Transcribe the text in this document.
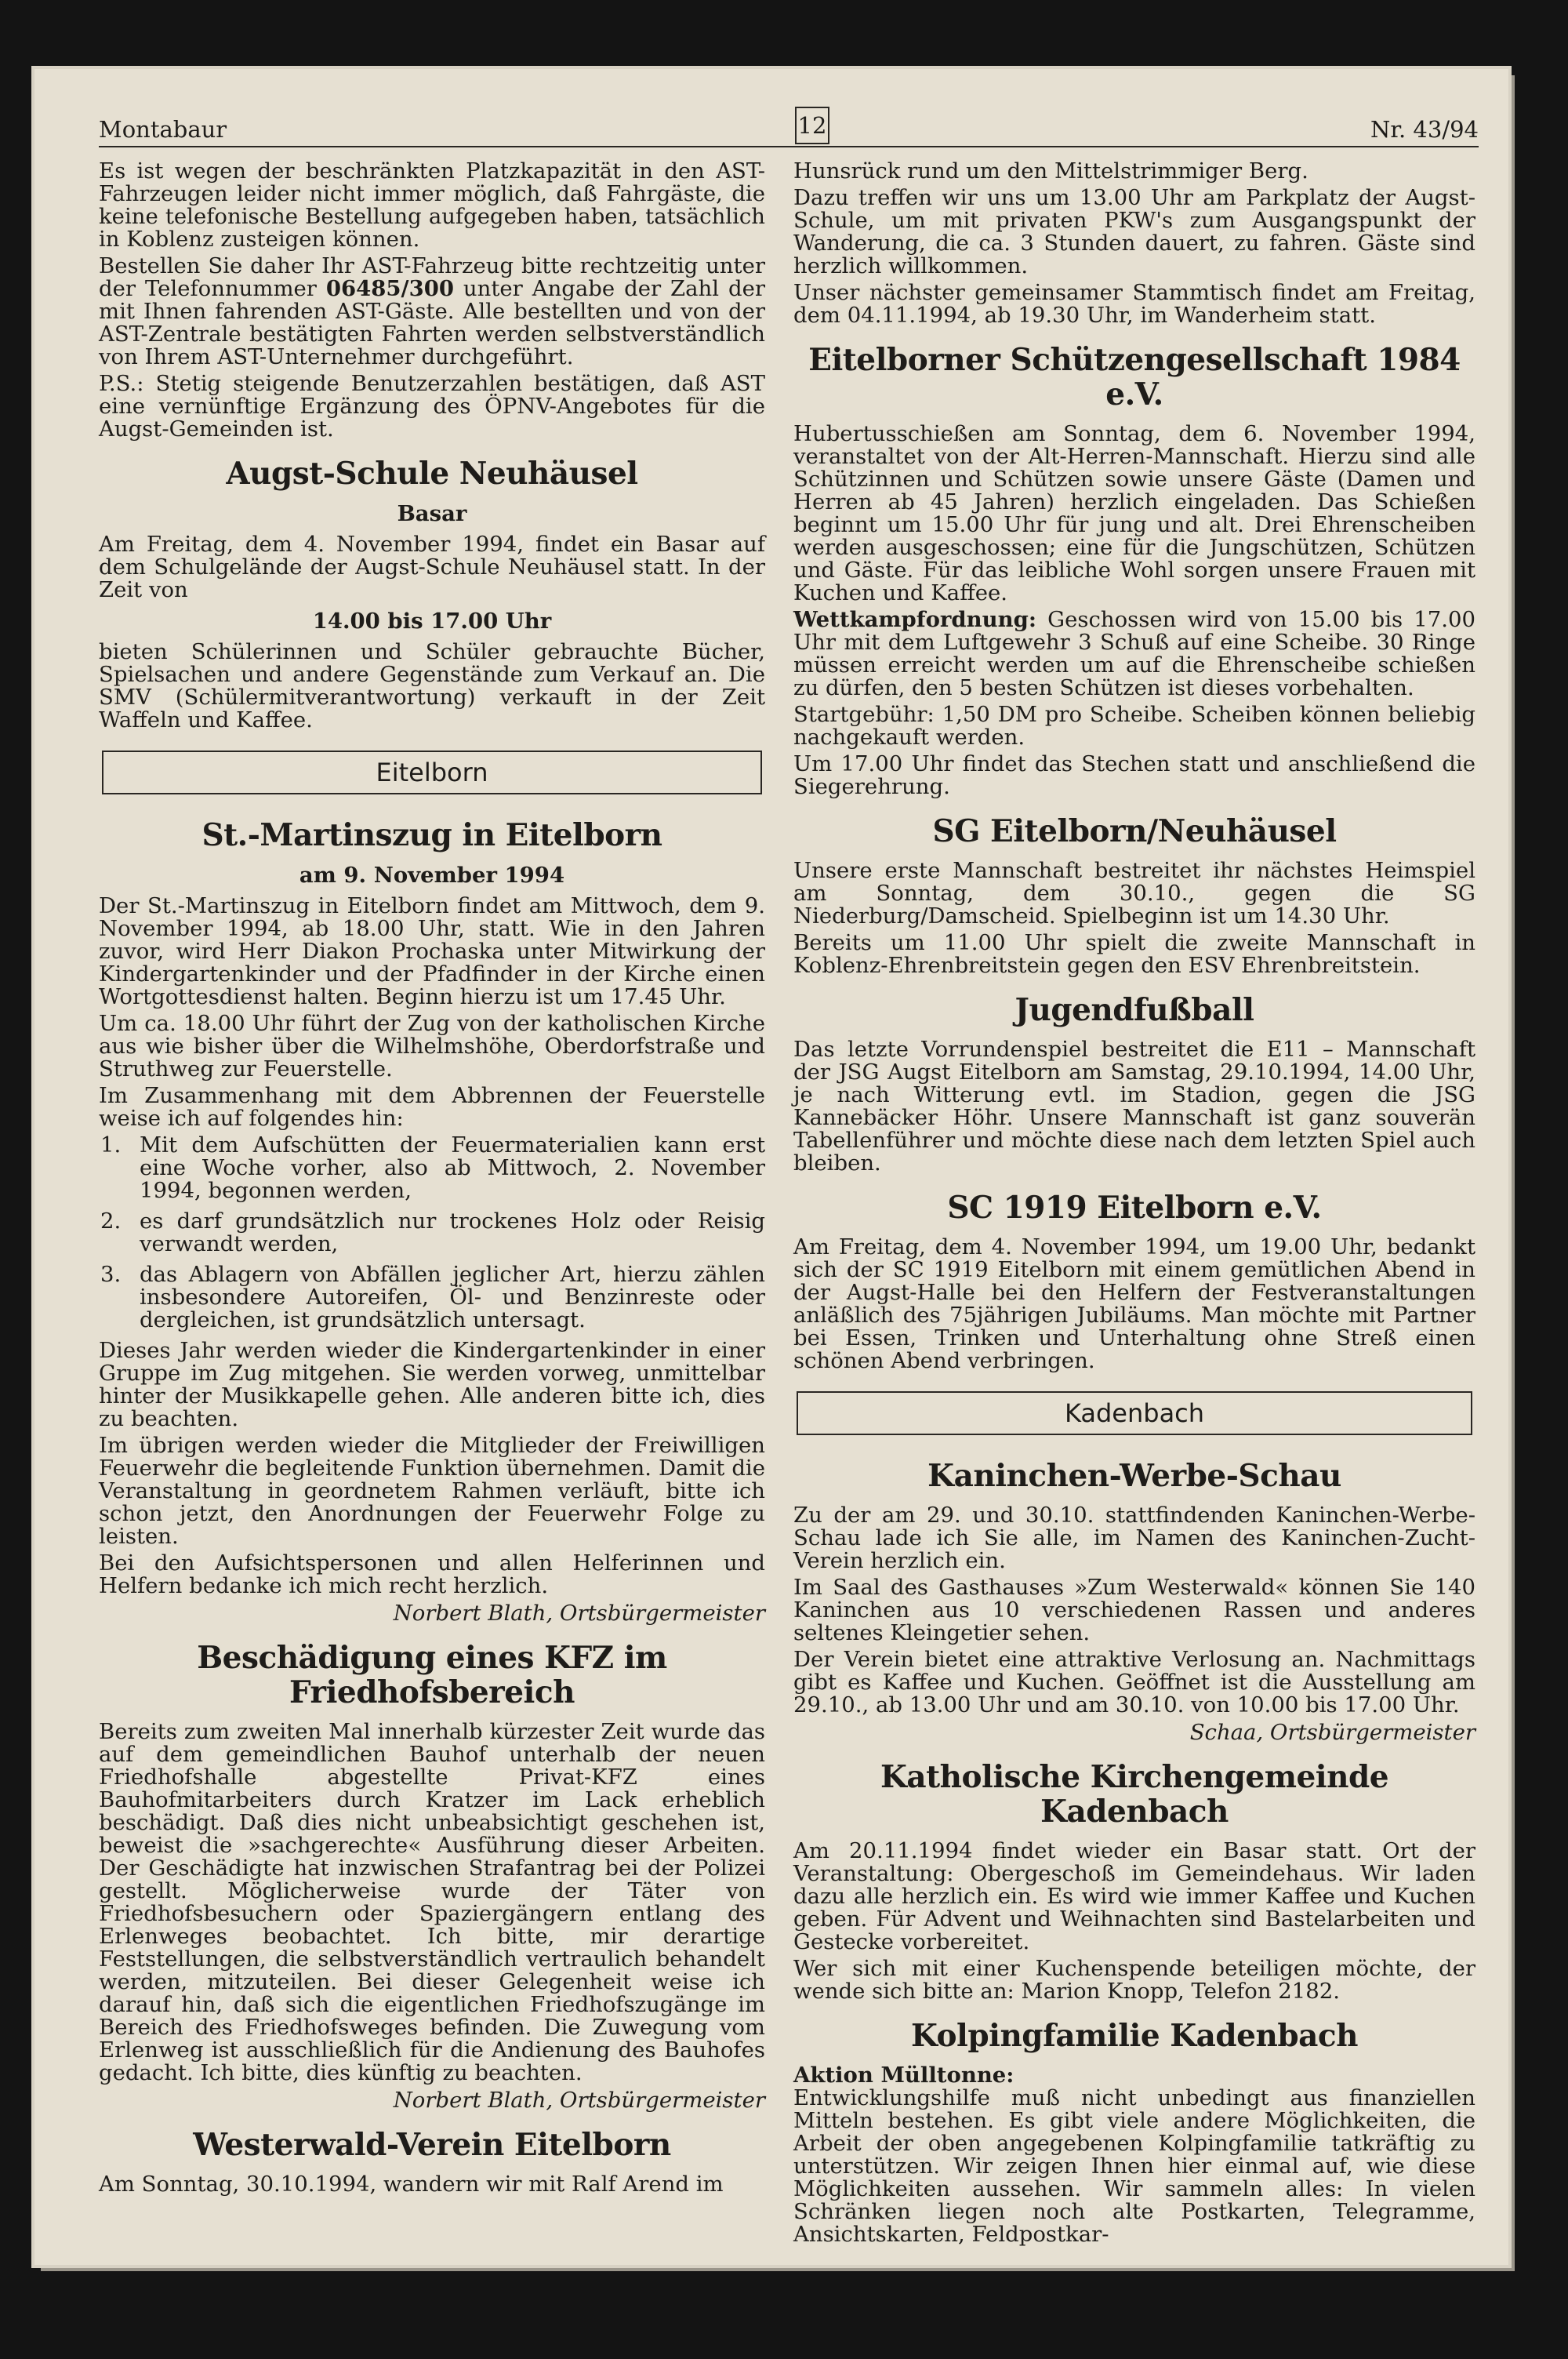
Montabaur	12	Nr. 43/94

Es ist wegen der beschränkten Platzkapazität in den AST-Fahrzeugen leider nicht immer möglich, daß Fahrgäste, die keine telefonische Bestellung aufgegeben haben, tatsächlich in Koblenz zusteigen können.

Bestellen Sie daher Ihr AST-Fahrzeug bitte rechtzeitig unter der Telefonnummer 06485/300 unter Angabe der Zahl der mit Ihnen fahrenden AST-Gäste. Alle bestellten und von der AST-Zentrale bestätigten Fahrten werden selbstverständlich von Ihrem AST-Unternehmer durchgeführt.

P.S.: Stetig steigende Benutzerzahlen bestätigen, daß AST eine vernünftige Ergänzung des ÖPNV-Angebotes für die Augst-Gemeinden ist.

Augst-Schule Neuhäusel
Basar

Am Freitag, dem 4. November 1994, findet ein Basar auf dem Schulgelände der Augst-Schule Neuhäusel statt. In der Zeit von

14.00 bis 17.00 Uhr

bieten Schülerinnen und Schüler gebrauchte Bücher, Spielsachen und andere Gegenstände zum Verkauf an. Die SMV (Schülermitverantwortung) verkauft in der Zeit Waffeln und Kaffee.

Eitelborn
St.-Martinszug in Eitelborn
am 9. November 1994

Der St.-Martinszug in Eitelborn findet am Mittwoch, dem 9. November 1994, ab 18.00 Uhr, statt. Wie in den Jahren zuvor, wird Herr Diakon Prochaska unter Mitwirkung der Kindergartenkinder und der Pfadfinder in der Kirche einen Wortgottesdienst halten. Beginn hierzu ist um 17.45 Uhr.

Um ca. 18.00 Uhr führt der Zug von der katholischen Kirche aus wie bisher über die Wilhelmshöhe, Oberdorfstraße und Struthweg zur Feuerstelle.

Im Zusammenhang mit dem Abbrennen der Feuerstelle weise ich auf folgendes hin:

1. Mit dem Aufschütten der Feuermaterialien kann erst eine Woche vorher, also ab Mittwoch, 2. November 1994, begonnen werden,
2. es darf grundsätzlich nur trockenes Holz oder Reisig verwandt werden,
3. das Ablagern von Abfällen jeglicher Art, hierzu zählen insbesondere Autoreifen, Öl- und Benzinreste oder dergleichen, ist grundsätzlich untersagt.

Dieses Jahr werden wieder die Kindergartenkinder in einer Gruppe im Zug mitgehen. Sie werden vorweg, unmittelbar hinter der Musikkapelle gehen. Alle anderen bitte ich, dies zu beachten.

Im übrigen werden wieder die Mitglieder der Freiwilligen Feuerwehr die begleitende Funktion übernehmen. Damit die Veranstaltung in geordnetem Rahmen verläuft, bitte ich schon jetzt, den Anordnungen der Feuerwehr Folge zu leisten.

Bei den Aufsichtspersonen und allen Helferinnen und Helfern bedanke ich mich recht herzlich.

Norbert Blath, Ortsbürgermeister
Beschädigung eines KFZ im Friedhofsbereich

Bereits zum zweiten Mal innerhalb kürzester Zeit wurde das auf dem gemeindlichen Bauhof unterhalb der neuen Friedhofshalle abgestellte Privat-KFZ eines Bauhofmitarbeiters durch Kratzer im Lack erheblich beschädigt. Daß dies nicht unbeabsichtigt geschehen ist, beweist die »sachgerechte« Ausführung dieser Arbeiten. Der Geschädigte hat inzwischen Strafantrag bei der Polizei gestellt. Möglicherweise wurde der Täter von Friedhofsbesuchern oder Spaziergängern entlang des Erlenweges beobachtet. Ich bitte, mir derartige Feststellungen, die selbstverständlich vertraulich behandelt werden, mitzuteilen. Bei dieser Gelegenheit weise ich darauf hin, daß sich die eigentlichen Friedhofszugänge im Bereich des Friedhofsweges befinden. Die Zuwegung vom Erlenweg ist ausschließlich für die Andienung des Bauhofes gedacht. Ich bitte, dies künftig zu beachten.

Norbert Blath, Ortsbürgermeister
Westerwald-Verein Eitelborn

Am Sonntag, 30.10.1994, wandern wir mit Ralf Arend im

Hunsrück rund um den Mittelstrimmiger Berg.

Dazu treffen wir uns um 13.00 Uhr am Parkplatz der Augst-Schule, um mit privaten PKW's zum Ausgangspunkt der Wanderung, die ca. 3 Stunden dauert, zu fahren. Gäste sind herzlich willkommen.

Unser nächster gemeinsamer Stammtisch findet am Freitag, dem 04.11.1994, ab 19.30 Uhr, im Wanderheim statt.

Eitelborner Schützengesellschaft 1984 e.V.

Hubertusschießen am Sonntag, dem 6. November 1994, veranstaltet von der Alt-Herren-Mannschaft. Hierzu sind alle Schützinnen und Schützen sowie unsere Gäste (Damen und Herren ab 45 Jahren) herzlich eingeladen. Das Schießen beginnt um 15.00 Uhr für jung und alt. Drei Ehrenscheiben werden ausgeschossen; eine für die Jungschützen, Schützen und Gäste. Für das leibliche Wohl sorgen unsere Frauen mit Kuchen und Kaffee.

Wettkampfordnung: Geschossen wird von 15.00 bis 17.00 Uhr mit dem Luftgewehr 3 Schuß auf eine Scheibe. 30 Ringe müssen erreicht werden um auf die Ehrenscheibe schießen zu dürfen, den 5 besten Schützen ist dieses vorbehalten.

Startgebühr: 1,50 DM pro Scheibe. Scheiben können beliebig nachgekauft werden.

Um 17.00 Uhr findet das Stechen statt und anschließend die Siegerehrung.

SG Eitelborn/Neuhäusel

Unsere erste Mannschaft bestreitet ihr nächstes Heimspiel am Sonntag, dem 30.10., gegen die SG Niederburg/Damscheid. Spielbeginn ist um 14.30 Uhr.

Bereits um 11.00 Uhr spielt die zweite Mannschaft in Koblenz-Ehrenbreitstein gegen den ESV Ehrenbreitstein.

Jugendfußball

Das letzte Vorrundenspiel bestreitet die E11 – Mannschaft der JSG Augst Eitelborn am Samstag, 29.10.1994, 14.00 Uhr, je nach Witterung evtl. im Stadion, gegen die JSG Kannebäcker Höhr. Unsere Mannschaft ist ganz souverän Tabellenführer und möchte diese nach dem letzten Spiel auch bleiben.

SC 1919 Eitelborn e.V.

Am Freitag, dem 4. November 1994, um 19.00 Uhr, bedankt sich der SC 1919 Eitelborn mit einem gemütlichen Abend in der Augst-Halle bei den Helfern der Festveranstaltungen anläßlich des 75jährigen Jubiläums. Man möchte mit Partner bei Essen, Trinken und Unterhaltung ohne Streß einen schönen Abend verbringen.

Kadenbach
Kaninchen-Werbe-Schau

Zu der am 29. und 30.10. stattfindenden Kaninchen-Werbe-Schau lade ich Sie alle, im Namen des Kaninchen-Zucht-Verein herzlich ein.

Im Saal des Gasthauses »Zum Westerwald« können Sie 140 Kaninchen aus 10 verschiedenen Rassen und anderes seltenes Kleingetier sehen.

Der Verein bietet eine attraktive Verlosung an. Nachmittags gibt es Kaffee und Kuchen. Geöffnet ist die Ausstellung am 29.10., ab 13.00 Uhr und am 30.10. von 10.00 bis 17.00 Uhr.

Schaa, Ortsbürgermeister
Katholische Kirchengemeinde Kadenbach

Am 20.11.1994 findet wieder ein Basar statt. Ort der Veranstaltung: Obergeschoß im Gemeindehaus. Wir laden dazu alle herzlich ein. Es wird wie immer Kaffee und Kuchen geben. Für Advent und Weihnachten sind Bastelarbeiten und Gestecke vorbereitet.

Wer sich mit einer Kuchenspende beteiligen möchte, der wende sich bitte an: Marion Knopp, Telefon 2182.

Kolpingfamilie Kadenbach

Aktion Mülltonne:

Entwicklungshilfe muß nicht unbedingt aus finanziellen Mitteln bestehen. Es gibt viele andere Möglichkeiten, die Arbeit der oben angegebenen Kolpingfamilie tatkräftig zu unterstützen. Wir zeigen Ihnen hier einmal auf, wie diese Möglichkeiten aussehen. Wir sammeln alles: In vielen Schränken liegen noch alte Postkarten, Telegramme, Ansichtskarten, Feldpostkar-
